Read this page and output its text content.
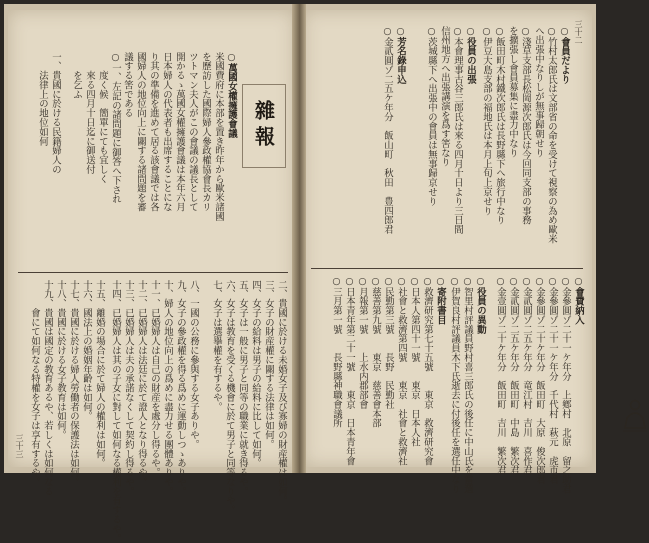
三十三
雜報
○萬國女權擁護會議
米國費府に本部を置き昨年から歐米諸國
を歷訪した國際婦人參政權協會長カリ
ツトマン夫人がこの會議の議長として
開かるゝ萬國女權擁護會議は本年六月
日本婦人の代表者も出席することにな
り其の準備を進めて居る該會議では各
國婦人の地位向上に關する諸問題を審
議する筈である
○一、左記の諸問題に御答へ下され
　　度く候　簡單にても宜しく
　　來る四月十日迄に御送付
　　を乞ふ
一、貴國に於ける民籍婦人の
　　法律上の地位如何
二、貴國に於ける未婚女子及び寡婦の財産權は如何。
三、女子の財産權に關する法律は如何。
四、女子の給料は男子の給料に比して如何。
五、女子は一般に男子と同等の職業に就き得るや。
六、女子は教育を受くる機會に於て男子と同等なりや。
七、女子は選擧權を有するや。
八、一國の公務に參與する女子ありや。
九、女子の參政權を得る爲めに運動しつゝありや。
十、婦人の地位向上の爲めに盡力せる團體ありや。
十一、已婚婦人は自己の財産を處分し得るや。
十二、已婚婦人は法廷に於て證人となり得るや。
十三、已婚婦人は夫の承諾なくして契約し得るや。
十四、已婚婦人は其の子女に對して如何なる權利を有するや。
十五、離婚の場合に於て婦人の權利は如何。
十六、國法上の婚姻年齡は如何。
十七、貴國に於ける婦人勞働者の保護法は如何。
十八、貴國に於ける女子教育は如何。
十九、貴國は國定の教育あるや、若しくは如何なる
　　　會にて如何なる特權を女子は享有するや。
三十二
○會員だより
○竹村太郎氏は文部省の命を受けて視察の為め歐米
へ出張中なりしが無事歸朝せり
○淺草支部長松岡源次郎氏は今回同支部の事務
を擴張し會員募集に盡力中なり
○飯田町木村鐵次郎氏は長野縣下へ旅行中なり
○伊豆大島支部の福地氏は本月上旬上京せり
○役員の出張
○本會理事古谷三郎氏は來る四月十日より三日間
信州地方へ出張講演を爲す筈なり
○茨城縣下へ出張中の會員は無事歸京せり
○芳名錄申込
○金貳圓ゾ二五ケ年分　飯山町　秋田　豊四郎君
○會費納入
○金參圓ゾ二十一ケ年分　上鄕村　北原　留之助君
○金參圓ゾ二十一ケ年分　千代村　萩元　虎市君
○金參圓ゾ二十ケ年分　飯田町　大原　俊次郎君
○金貳圓ゾ二五ケ年分　竜江村　吉川　喜作君
○金貳圓ゾ二五ケ年分　飯田町　中島　繁次君
○金壹圓ゾ二十ケ年分　飯田町　吉川　繁次君
○役員の異動
○智里村評議員野村喜三郎氏の後任に中山氏を當選
○伊賀良村評議員木下氏逝去に付後任を選任中なり
○寄附書目
○救濟研究第七十五號　　東京　救濟研究會
○日本人第四十一號　　東京　日本人社
○社會と救濟第四號　　東京　社會と救濟社
○民勤第三號　　長野　民勤社
○慈善第九號　　東京　慈善會本部
○月報第一號　　上水内郡部會
○日本青年第二十一號　　東京　日本青年會
○三月第一號　　長野縣神職會議所
